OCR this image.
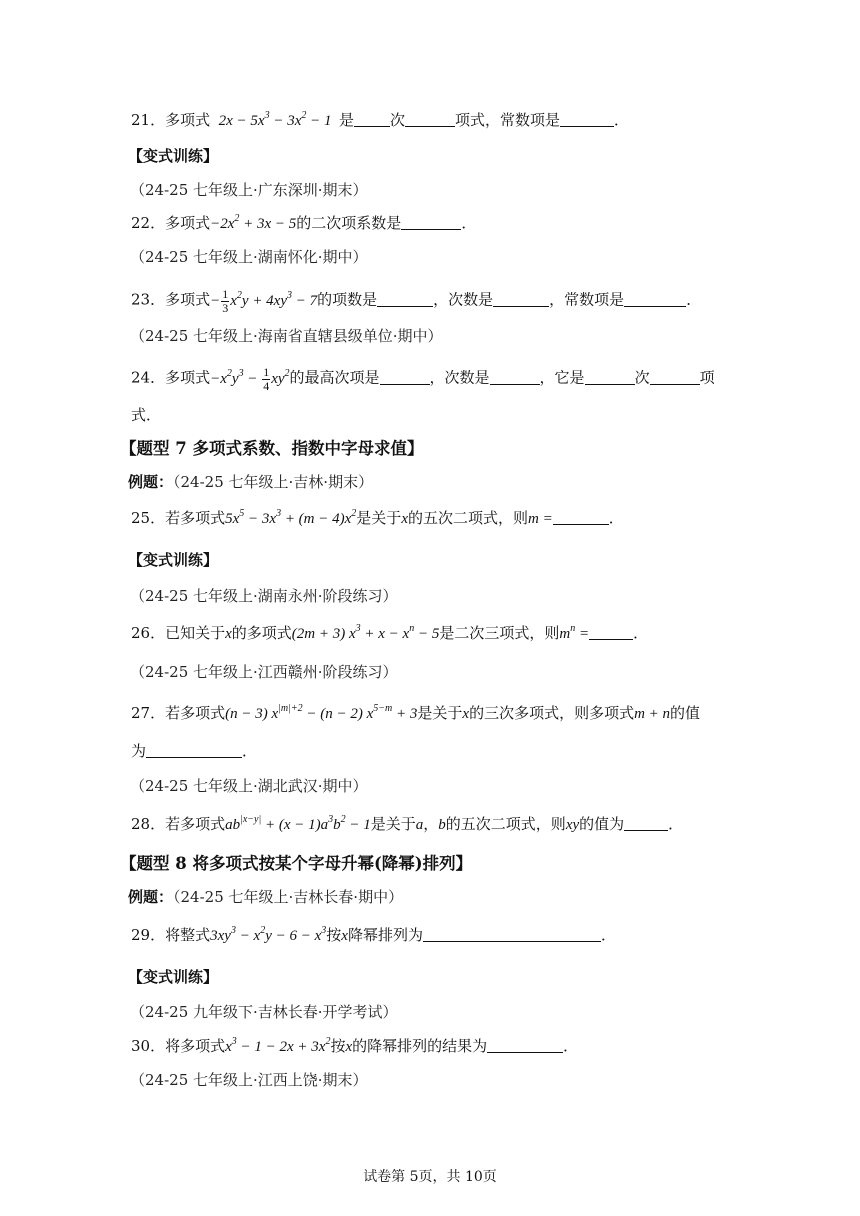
21．多项式  $2x - 5x^3 - 3x^2 - 1$  是 次	项式，常数项是	．
【变式训练】
（24-25 七年级上·广东深圳·期末）
22．多项式$-2x^2 + 3x - 5$的二次项系数是	．
（24-25 七年级上·湖南怀化·期中）
23．多项式− $\frac{1}{3} x^2y + 4xy^3 - 7$的项数是	，次数是	，常数项是	．
（24-25 七年级上·海南省直辖县级单位·期中）
24．多项式$-x^2y^3 - \frac{1}{4} xy^2$的最高次项是	，次数是	，它是	次	项
式．
【题型 7 多项式系数、指数中字母求值】
例题：（24-25 七年级上·吉林·期末）
25．若多项式$5x^5 - 3x^3 + (m - 4)x^2$是关于x的五次二项式，则m =	．
【变式训练】
（24-25 七年级上·湖南永州·阶段练习）
26．已知关于x的多项式(2m + 3) $x^3 + x - x^n - 5$是二次三项式，则$m^n$ =	．
（24-25 七年级上·江西赣州·阶段练习）
27．若多项式(n − 3) $x^{|m|+2} - (n - 2) x^{5-m} + 3$是关于x的三次多项式，则多项式m + n的值
为	．
（24-25 七年级上·湖北武汉·期中）
28．若多项式$ab^{|x-y|} + (x - 1)a^3b^2 - 1$是关于a，b的五次二项式，则xy的值为	．
【题型 8 将多项式按某个字母升幂(降幂)排列】
例题：（24-25 七年级上·吉林长春·期中）
29．将整式$3xy^3 - x^2y - 6 - x^3$按x降幂排列为	．
【变式训练】
（24-25 九年级下·吉林长春·开学考试）
30．将多项式$x^3 - 1 - 2x + 3x^2$按x的降幂排列的结果为	．
（24-25 七年级上·江西上饶·期末）
试卷第 5页，共 10页
